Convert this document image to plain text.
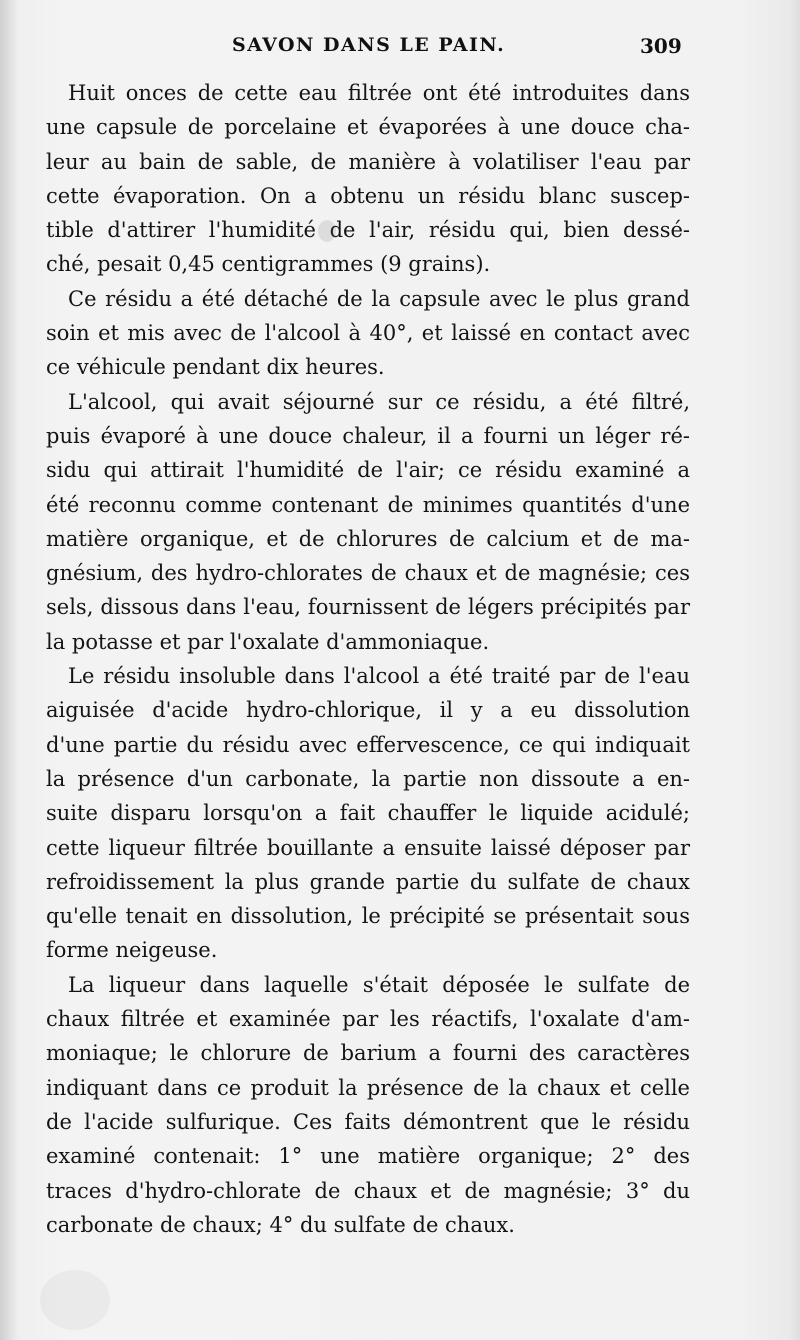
SAVON DANS LE PAIN.	309

Huit onces de cette eau filtrée ont été introduites dans
une capsule de porcelaine et évaporées à une douce cha-
leur au bain de sable, de manière à volatiliser l'eau par
cette évaporation. On a obtenu un résidu blanc suscep-
tible d'attirer l'humidité de l'air, résidu qui, bien dessé-
ché, pesait 0,45 centigrammes (9 grains).

Ce résidu a été détaché de la capsule avec le plus grand
soin et mis avec de l'alcool à 40°, et laissé en contact avec
ce véhicule pendant dix heures.

L'alcool, qui avait séjourné sur ce résidu, a été filtré,
puis évaporé à une douce chaleur, il a fourni un léger ré-
sidu qui attirait l'humidité de l'air; ce résidu examiné a
été reconnu comme contenant de minimes quantités d'une
matière organique, et de chlorures de calcium et de ma-
gnésium, des hydro-chlorates de chaux et de magnésie; ces
sels, dissous dans l'eau, fournissent de légers précipités par
la potasse et par l'oxalate d'ammoniaque.

Le résidu insoluble dans l'alcool a été traité par de l'eau
aiguisée d'acide hydro-chlorique, il y a eu dissolution
d'une partie du résidu avec effervescence, ce qui indiquait
la présence d'un carbonate, la partie non dissoute a en-
suite disparu lorsqu'on a fait chauffer le liquide acidulé;
cette liqueur filtrée bouillante a ensuite laissé déposer par
refroidissement la plus grande partie du sulfate de chaux
qu'elle tenait en dissolution, le précipité se présentait sous
forme neigeuse.

La liqueur dans laquelle s'était déposée le sulfate de
chaux filtrée et examinée par les réactifs, l'oxalate d'am-
moniaque; le chlorure de barium a fourni des caractères
indiquant dans ce produit la présence de la chaux et celle
de l'acide sulfurique. Ces faits démontrent que le résidu
examiné contenait: 1° une matière organique; 2° des
traces d'hydro-chlorate de chaux et de magnésie; 3° du
carbonate de chaux; 4° du sulfate de chaux.
